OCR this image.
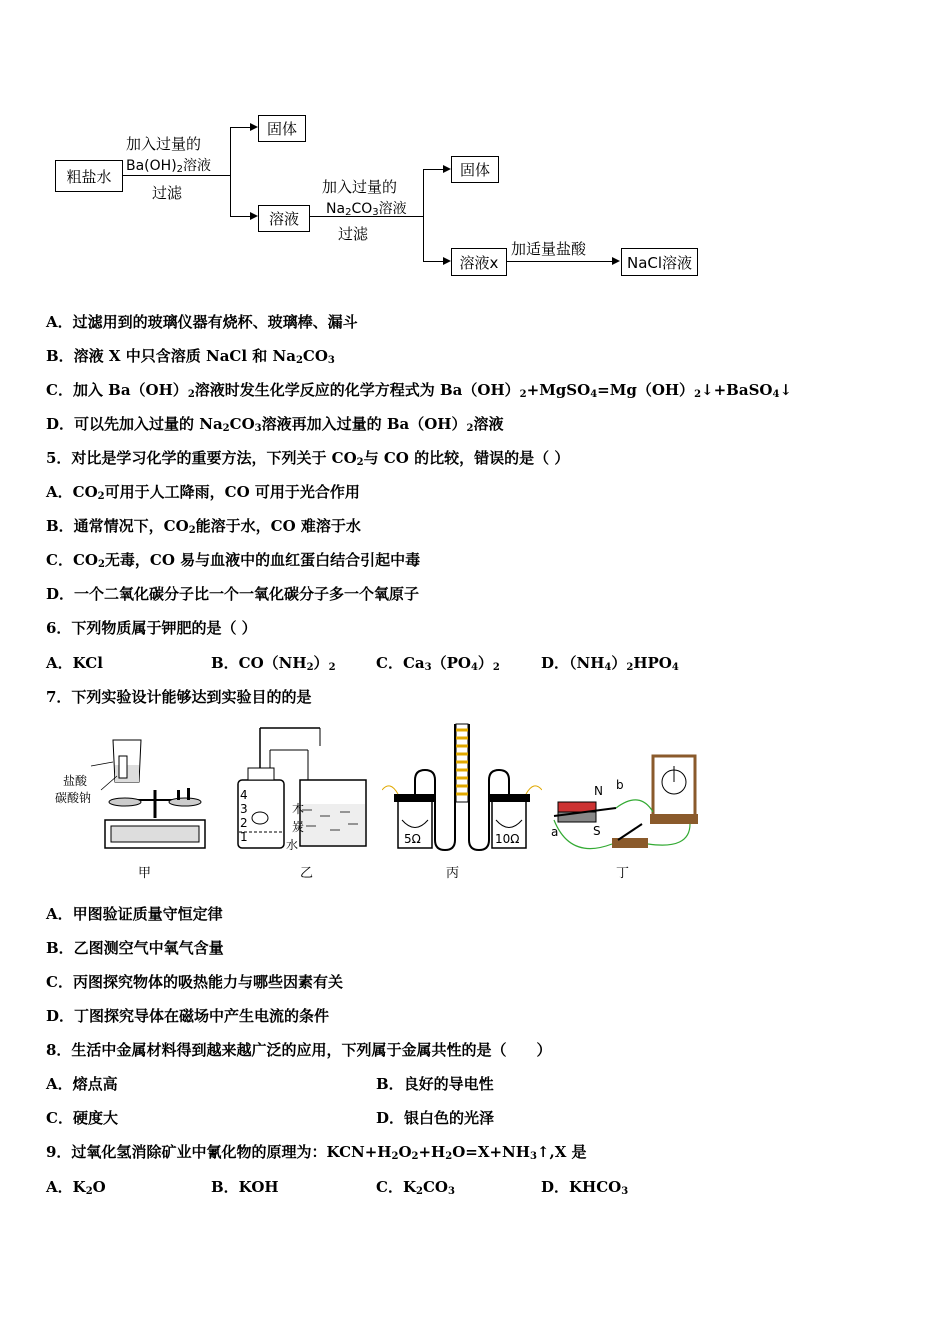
粗盐水
加入过量的
$Ba(OH)_2$溶液
过滤
固体
溶液
加入过量的
$Na_2CO_3$溶液
过滤
固体
溶液x
加适量盐酸
NaCl溶液
A．过滤用到的玻璃仪器有烧杯、玻璃棒、漏斗
B．溶液 X 中只含溶质 NaCl 和 $Na_2CO_3$
C．加入 $Ba(OH)_2$溶液时发生化学反应的化学方程式为 $Ba(OH)_2+MgSO_4=Mg(OH)_2↓+BaSO_4↓$
D．可以先加入过量的 $Na_2CO_3$溶液再加入过量的 $Ba(OH)_2$溶液
5．对比是学习化学的重要方法，下列关于 $CO_2$与 CO 的比较，错误的是（ ）
A．$CO_2$可用于人工降雨，CO 可用于光合作用
B．通常情况下，$CO_2$能溶于水，CO 难溶于水
C．$CO_2$无毒，CO 易与血液中的血红蛋白结合引起中毒
D．一个二氧化碳分子比一个一氧化碳分子多一个氧原子
6．下列物质属于钾肥的是（ ）
A．KCl	B．$CO(NH_2)_2$	C．$Ca_3(PO_4)_2$	D．$(NH_4)_2HPO_4$
7．下列实验设计能够达到实验目的的是
盐酸
碳酸钠
甲
4
3
2
1
木
炭
水
乙
5Ω	10Ω
丙
N
S
a
b
丁
A．甲图验证质量守恒定律
B．乙图测空气中氧气含量
C．丙图探究物体的吸热能力与哪些因素有关
D．丁图探究导体在磁场中产生电流的条件
8．生活中金属材料得到越来越广泛的应用，下列属于金属共性的是（　　）
A．熔点高	B．良好的导电性
C．硬度大	D．银白色的光泽
9．过氧化氢消除矿业中氰化物的原理为：$KCN+H_2O_2+H_2O=X+NH_3↑,X$ 是
A．$K_2O$	B．KOH	C．$K_2CO_3$	D．$KHCO_3$
